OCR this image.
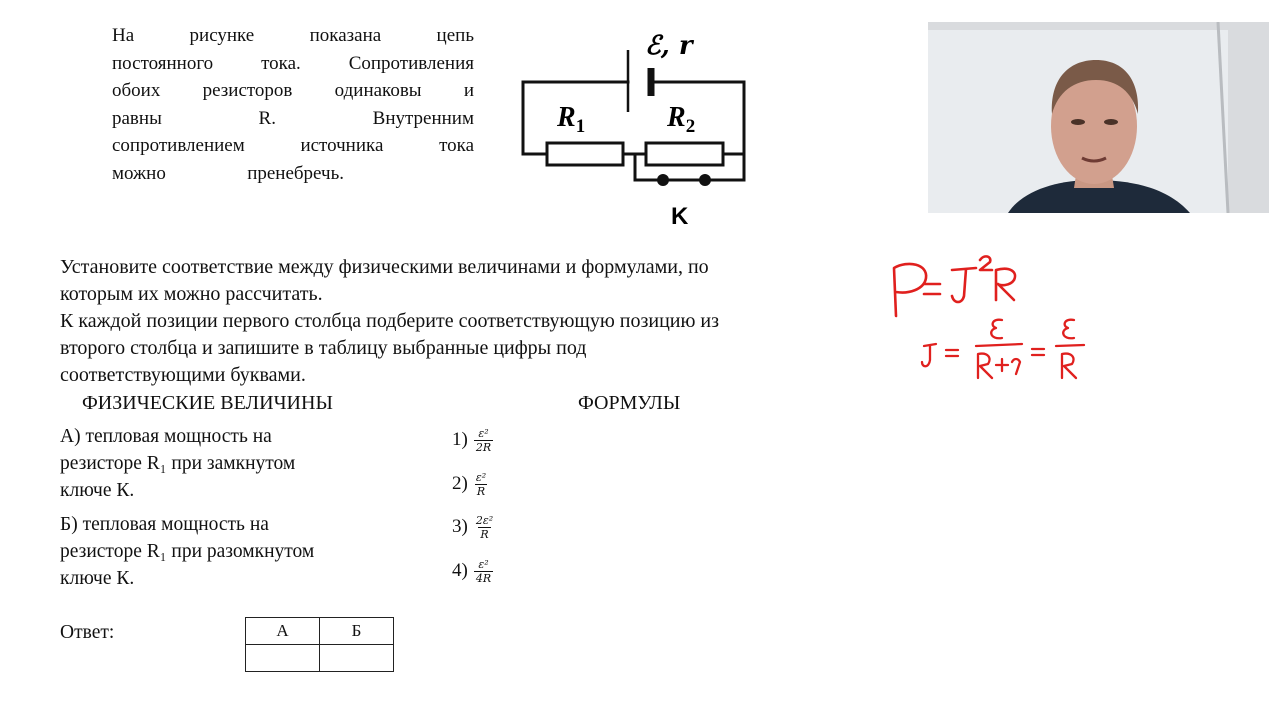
На рисунке показана цепь
постоянного тока. Сопротивления
обоих резисторов одинаковы и
равны R. Внутренним
сопротивлением источника тока
можно пренебречь.

ℰ, r
$R_1$	$R_2$
K

Установите соответствие между физическими величинами и формулами, по
которым их можно рассчитать.
К каждой позиции первого столбца подберите соответствующую позицию из
второго столбца и запишите в таблицу выбранные цифры под
соответствующими буквами.

ФИЗИЧЕСКИЕ ВЕЛИЧИНЫ	ФОРМУЛЫ
А) тепловая мощность на
резисторе R₁ при замкнутом
ключе К.
Б) тепловая мощность на
резисторе R₁ при разомкнутом
ключе К.
$1) \frac{\text{ε²}}{2R}$
$2) \frac{\text{ε²}}{R}$
$3) \frac{\text{2ε²}}{R}$
$4) \frac{\text{ε²}}{4R}$
Ответ:	А	Б
